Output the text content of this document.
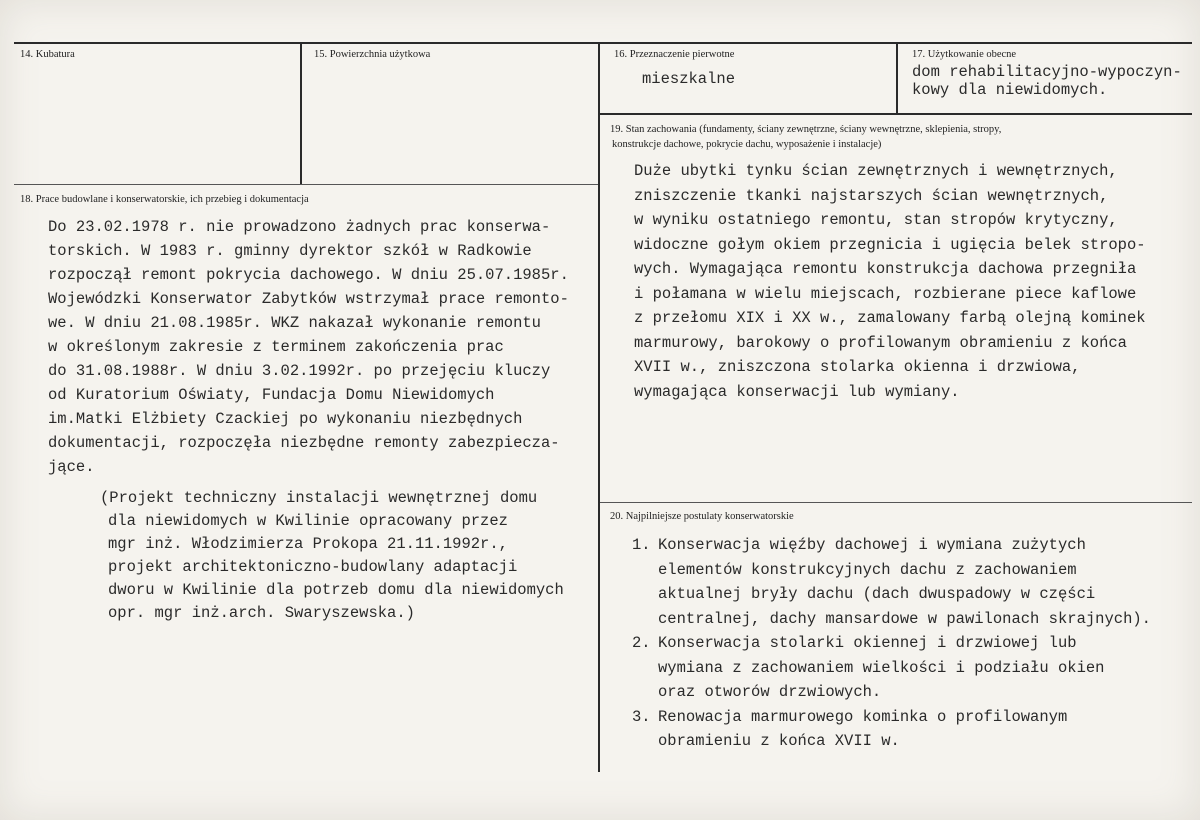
14. Kubatura	15. Powierzchnia użytkowa	16. Przeznaczenie pierwotne
mieszkalne
17. Użytkowanie obecne
dom rehabilitacyjno-wypoczyn-
kowy dla niewidomych.
19. Stan zachowania (fundamenty, ściany zewnętrzne, ściany wewnętrzne, sklepienia, stropy,
konstrukcje dachowe, pokrycie dachu, wyposażenie i instalacje)
Duże ubytki tynku ścian zewnętrznych i wewnętrznych,
zniszczenie tkanki najstarszych ścian wewnętrznych,
w wyniku ostatniego remontu, stan stropów krytyczny,
widoczne gołym okiem przegnicia i ugięcia belek stropo-
wych. Wymagająca remontu konstrukcja dachowa przegniła
i połamana w wielu miejscach, rozbierane piece kaflowe
z przełomu XIX i XX w., zamalowany farbą olejną kominek
marmurowy, barokowy o profilowanym obramieniu z końca
XVII w., zniszczona stolarka okienna i drzwiowa,
wymagająca konserwacji lub wymiany.
18. Prace budowlane i konserwatorskie, ich przebieg i dokumentacja
Do 23.02.1978 r. nie prowadzono żadnych prac konserwa-
torskich. W 1983 r. gminny dyrektor szkół w Radkowie
rozpoczął remont pokrycia dachowego. W dniu 25.07.1985r.
Wojewódzki Konserwator Zabytków wstrzymał prace remonto-
we. W dniu 21.08.1985r. WKZ nakazał wykonanie remontu
w określonym zakresie z terminem zakończenia prac
do 31.08.1988r. W dniu 3.02.1992r. po przejęciu kluczy
od Kuratorium Oświaty, Fundacja Domu Niewidomych
im.Matki Elżbiety Czackiej po wykonaniu niezbędnych
dokumentacji, rozpoczęła niezbędne remonty zabezpiecza-
jące.
(Projekt techniczny instalacji wewnętrznej domu
dla niewidomych w Kwilinie opracowany przez
mgr inż. Włodzimierza Prokopa 21.11.1992r.,
projekt architektoniczno-budowlany adaptacji
dworu w Kwilinie dla potrzeb domu dla niewidomych
opr. mgr inż.arch. Swaryszewska.)
20. Najpilniejsze postulaty konserwatorskie
1. Konserwacja więźby dachowej i wymiana zużytych
elementów konstrukcyjnych dachu z zachowaniem
aktualnej bryły dachu (dach dwuspadowy w części
centralnej, dachy mansardowe w pawilonach skrajnych).
2. Konserwacja stolarki okiennej i drzwiowej lub
wymiana z zachowaniem wielkości i podziału okien
oraz otworów drzwiowych.
3. Renowacja marmurowego kominka o profilowanym
obramieniu z końca XVII w.
